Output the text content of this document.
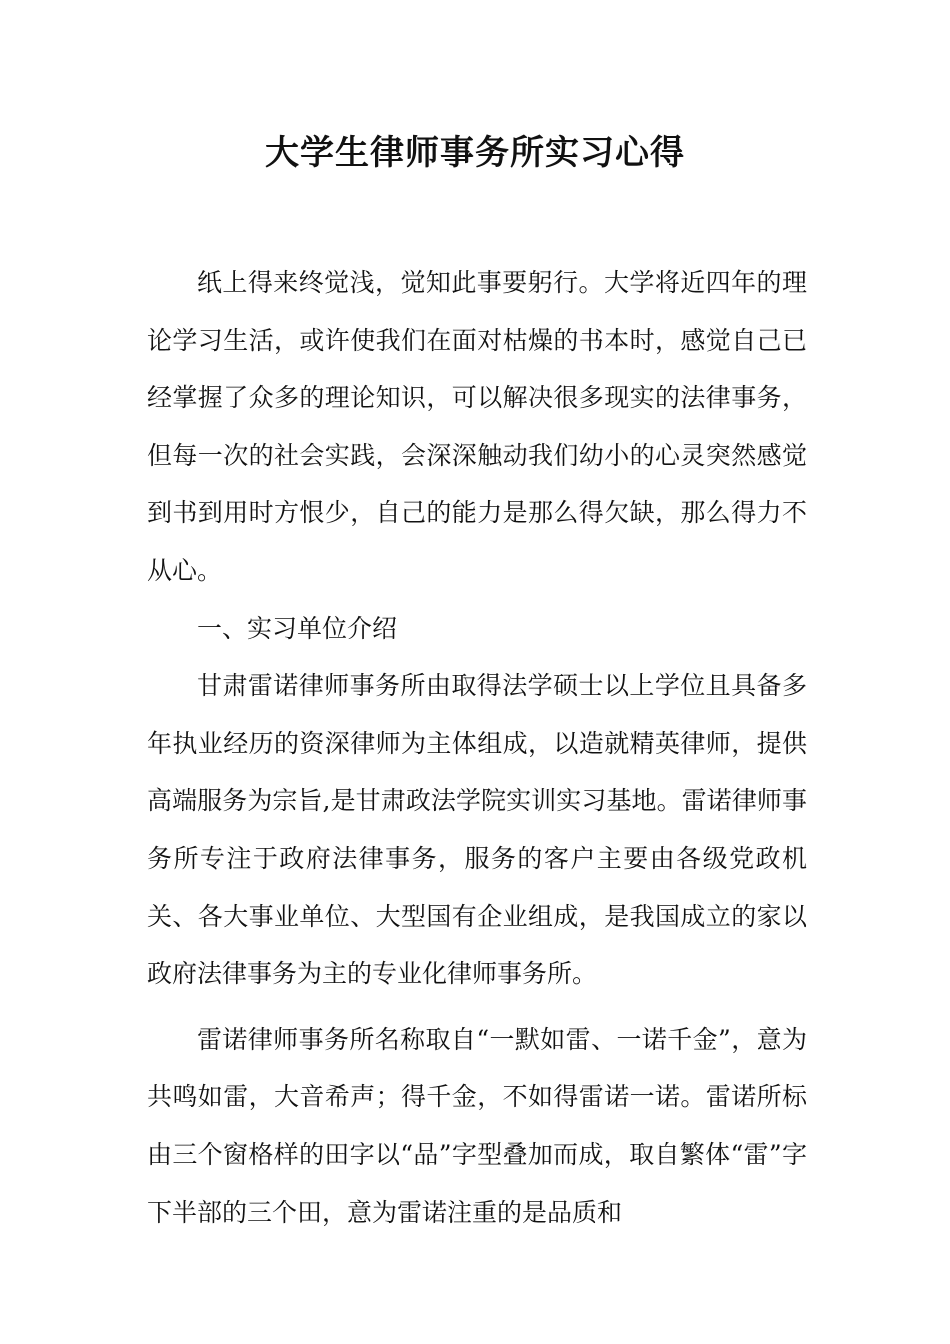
大学生律师事务所实习心得

纸上得来终觉浅，觉知此事要躬行。大学将近四年的理论学习生活，或许使我们在面对枯燥的书本时，感觉自己已经掌握了众多的理论知识，可以解决很多现实的法律事务，但每一次的社会实践，会深深触动我们幼小的心灵突然感觉到书到用时方恨少，自己的能力是那么得欠缺，那么得力不从心。

一、实习单位介绍

甘肃雷诺律师事务所由取得法学硕士以上学位且具备多年执业经历的资深律师为主体组成，以造就精英律师，提供高端服务为宗旨,是甘肃政法学院实训实习基地。雷诺律师事务所专注于政府法律事务，服务的客户主要由各级党政机关、各大事业单位、大型国有企业组成，是我国成立的家以政府法律事务为主的专业化律师事务所。

雷诺律师事务所名称取自“一默如雷、一诺千金”，意为共鸣如雷，大音希声；得千金，不如得雷诺一诺。雷诺所标由三个窗格样的田字以“品”字型叠加而成，取自繁体“雷”字下半部的三个田，意为雷诺注重的是品质和
